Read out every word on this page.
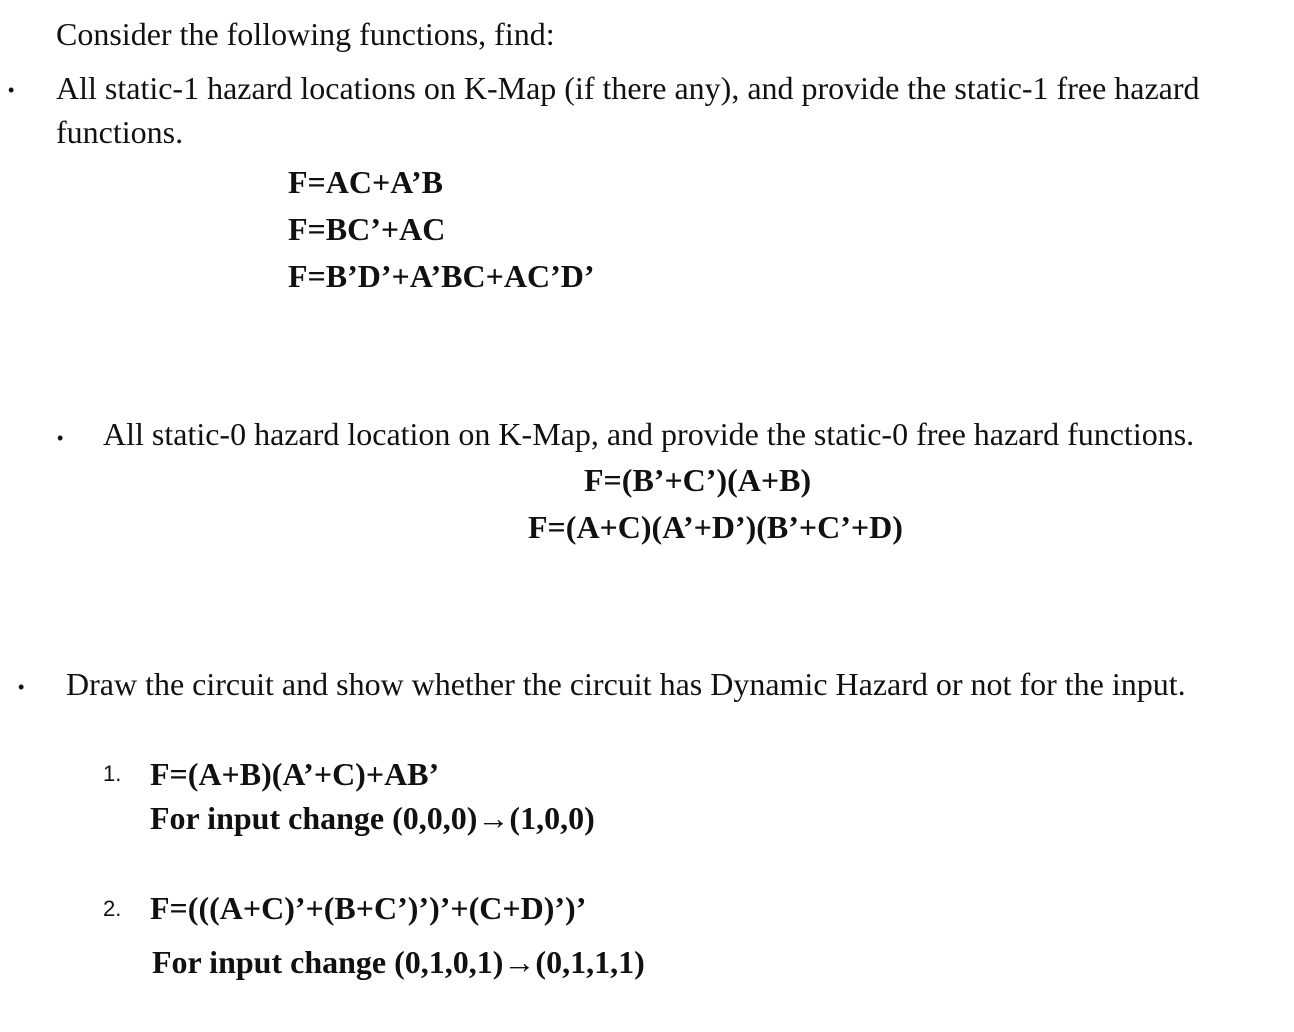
Consider the following functions, find:
• All static-1 hazard locations on K-Map (if there any), and provide the static-1 free hazard
functions.
F=AC+A’B
F=BC’+AC
F=B’D’+A’BC+AC’D’
• All static-0 hazard location on K-Map, and provide the static-0 free hazard functions.
F=(B’+C’)(A+B)
F=(A+C)(A’+D’)(B’+C’+D)
• Draw the circuit and show whether the circuit has Dynamic Hazard or not for the input.
1. F=(A+B)(A’+C)+AB’
For input change (0,0,0)→(1,0,0)
2. F=(((A+C)’+(B+C’)’)’+(C+D)’)’
For input change (0,1,0,1)→(0,1,1,1)
